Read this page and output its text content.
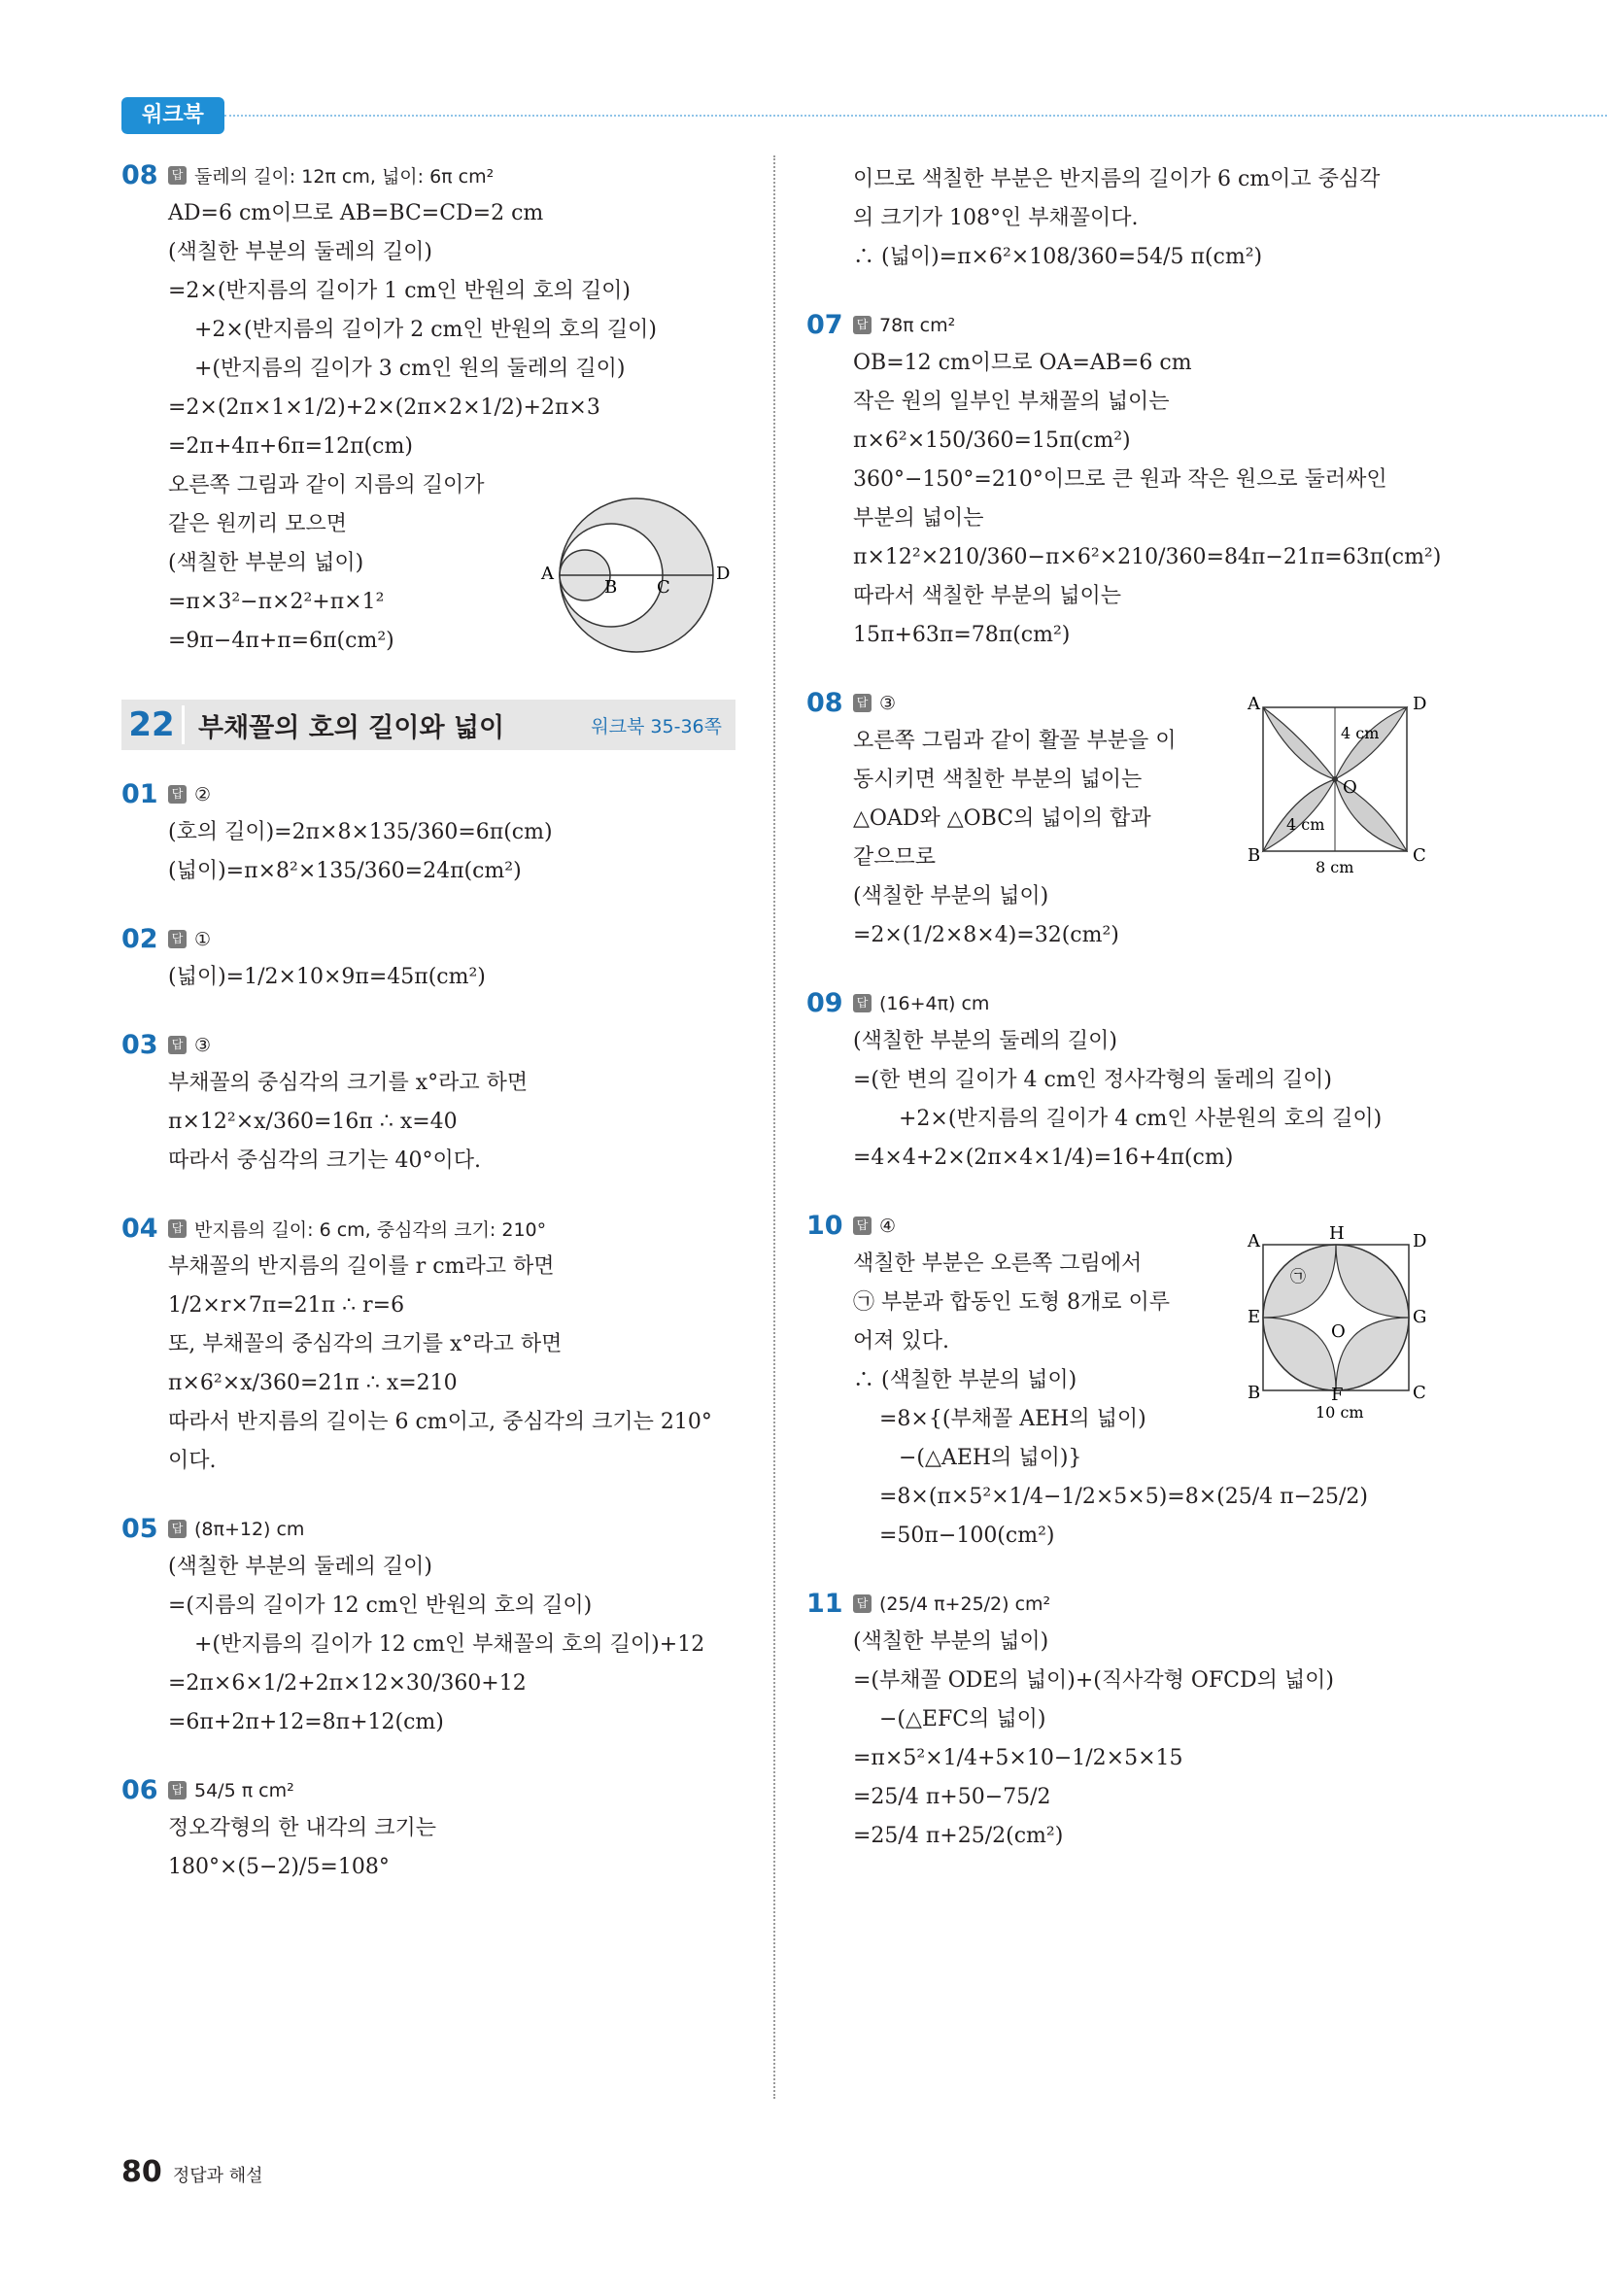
워크북
08	답 둘레의 길이: 12π cm, 넓이: 6π cm²
AD=6 cm이므로 AB=BC=CD=2 cm
(색칠한 부분의 둘레의 길이)
=2×(반지름의 길이가 1 cm인 반원의 호의 길이)
+2×(반지름의 길이가 2 cm인 반원의 호의 길이)
+(반지름의 길이가 3 cm인 원의 둘레의 길이)
=2×(2π×1×1/2)+2×(2π×2×1/2)+2π×3
=2π+4π+6π=12π(cm)
오른쪽 그림과 같이 지름의 길이가
같은 원끼리 모으면
(색칠한 부분의 넓이)
=π×3²−π×2²+π×1²
=9π−4π+π=6π(cm²)
A
B C
D
22 부채꼴의 호의 길이와 넓이	워크북 35-36쪽
01	답 ②
(호의 길이)=2π×8×135/360=6π(cm)
(넓이)=π×8²×135/360=24π(cm²)
02	답 ①
(넓이)=1/2×10×9π=45π(cm²)
03	답 ③
부채꼴의 중심각의 크기를 x°라고 하면
π×12²×x/360=16π ∴ x=40
따라서 중심각의 크기는 40°이다.
04	답 반지름의 길이: 6 cm, 중심각의 크기: 210°
부채꼴의 반지름의 길이를 r cm라고 하면
1/2×r×7π=21π ∴ r=6
또, 부채꼴의 중심각의 크기를 x°라고 하면
π×6²×x/360=21π ∴ x=210
따라서 반지름의 길이는 6 cm이고, 중심각의 크기는 210°
이다.
05	답 (8π+12) cm
(색칠한 부분의 둘레의 길이)
=(지름의 길이가 12 cm인 반원의 호의 길이)
+(반지름의 길이가 12 cm인 부채꼴의 호의 길이)+12
=2π×6×1/2+2π×12×30/360+12
=6π+2π+12=8π+12(cm)
06	답 54/5 π cm²
정오각형의 한 내각의 크기는
180°×(5−2)/5=108°
이므로 색칠한 부분은 반지름의 길이가 6 cm이고 중심각
의 크기가 108°인 부채꼴이다.
∴ (넓이)=π×6²×108/360=54/5 π(cm²)
07	답 78π cm²
OB=12 cm이므로 OA=AB=6 cm
작은 원의 일부인 부채꼴의 넓이는
π×6²×150/360=15π(cm²)
360°−150°=210°이므로 큰 원과 작은 원으로 둘러싸인
부분의 넓이는
π×12²×210/360−π×6²×210/360=84π−21π=63π(cm²)
따라서 색칠한 부분의 넓이는
15π+63π=78π(cm²)
08	답 ③
오른쪽 그림과 같이 활꼴 부분을 이
동시키면 색칠한 부분의 넓이는
△OAD와 △OBC의 넓이의 합과
같으므로
(색칠한 부분의 넓이)
=2×(1/2×8×4)=32(cm²)
A	D
B	C
O
4 cm
4 cm
8 cm
09	답 (16+4π) cm
(색칠한 부분의 둘레의 길이)
=(한 변의 길이가 4 cm인 정사각형의 둘레의 길이)
+2×(반지름의 길이가 4 cm인 사분원의 호의 길이)
=4×4+2×(2π×4×1/4)=16+4π(cm)
10	답 ④
색칠한 부분은 오른쪽 그림에서
㉠ 부분과 합동인 도형 8개로 이루
어져 있다.
∴ (색칠한 부분의 넓이)
=8×{(부채꼴 AEH의 넓이)
−(△AEH의 넓이)}
=8×(π×5²×1/4−1/2×5×5)=8×(25/4 π−25/2)
=50π−100(cm²)
A	H	D
E
O
G
B	F	C
10 cm
㉠
11	답 (25/4 π+25/2) cm²
(색칠한 부분의 넓이)
=(부채꼴 ODE의 넓이)+(직사각형 OFCD의 넓이)
−(△EFC의 넓이)
=π×5²×1/4+5×10−1/2×5×15
=25/4 π+50−75/2
=25/4 π+25/2(cm²)
80 정답과 해설
